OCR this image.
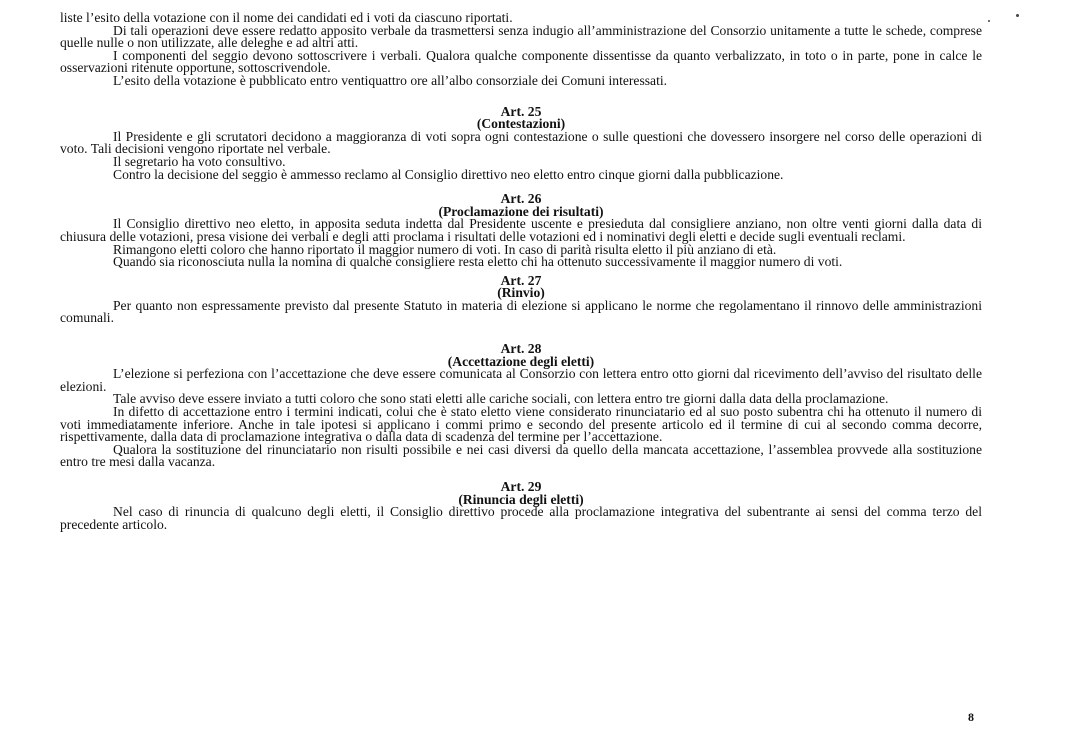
liste l’esito della votazione con il nome dei candidati ed i voti da ciascuno riportati.

Di tali operazioni deve essere redatto apposito verbale da trasmettersi senza indugio all’amministrazione del Consorzio unitamente a tutte le schede, comprese quelle nulle o non utilizzate, alle deleghe e ad altri atti.

I componenti del seggio devono sottoscrivere i verbali. Qualora qualche componente dissentisse da quanto verbalizzato, in toto o in parte, pone in calce le osservazioni ritenute opportune, sottoscrivendole.

L’esito della votazione è pubblicato entro ventiquattro ore all’albo consorziale dei Comuni interessati.

Art. 25
(Contestazioni)

Il Presidente e gli scrutatori decidono a maggioranza di voti sopra ogni contestazione o sulle questioni che dovessero insorgere nel corso delle operazioni di voto. Tali decisioni vengono riportate nel verbale.

Il segretario ha voto consultivo.

Contro la decisione del seggio è ammesso reclamo al Consiglio direttivo neo eletto entro cinque giorni dalla pubblicazione.

Art. 26
(Proclamazione dei risultati)

Il Consiglio direttivo neo eletto, in apposita seduta indetta dal Presidente uscente e presieduta dal consigliere anziano, non oltre venti giorni dalla data di chiusura delle votazioni, presa visione dei verbali e degli atti proclama i risultati delle votazioni ed i nominativi degli eletti e decide sugli eventuali reclami.

Rimangono eletti coloro che hanno riportato il maggior numero di voti. In caso di parità risulta eletto il più anziano di età.

Quando sia riconosciuta nulla la nomina di qualche consigliere resta eletto chi ha ottenuto successivamente il maggior numero di voti.

Art. 27
(Rinvio)

Per quanto non espressamente previsto dal presente Statuto in materia di elezione si applicano le norme che regolamentano il rinnovo delle amministrazioni comunali.

Art. 28
(Accettazione degli eletti)

L’elezione si perfeziona con l’accettazione che deve essere comunicata al Consorzio con lettera entro otto giorni dal ricevimento dell’avviso del risultato delle elezioni.

Tale avviso deve essere inviato a tutti coloro che sono stati eletti alle cariche sociali, con lettera entro tre giorni dalla data della proclamazione.

In difetto di accettazione entro i termini indicati, colui che è stato eletto viene considerato rinunciatario ed al suo posto subentra chi ha ottenuto il numero di voti immediatamente inferiore. Anche in tale ipotesi si applicano i commi primo e secondo del presente articolo ed il termine di cui al secondo comma decorre, rispettivamente, dalla data di proclamazione integrativa o dalla data di scadenza del termine per l’accettazione.

Qualora la sostituzione del rinunciatario non risulti possibile e nei casi diversi da quello della mancata accettazione, l’assemblea provvede alla sostituzione entro tre mesi dalla vacanza.

Art. 29
(Rinuncia degli eletti)

Nel caso di rinuncia di qualcuno degli eletti, il Consiglio direttivo procede alla proclamazione integrativa del subentrante ai sensi del comma terzo del precedente articolo.

8
